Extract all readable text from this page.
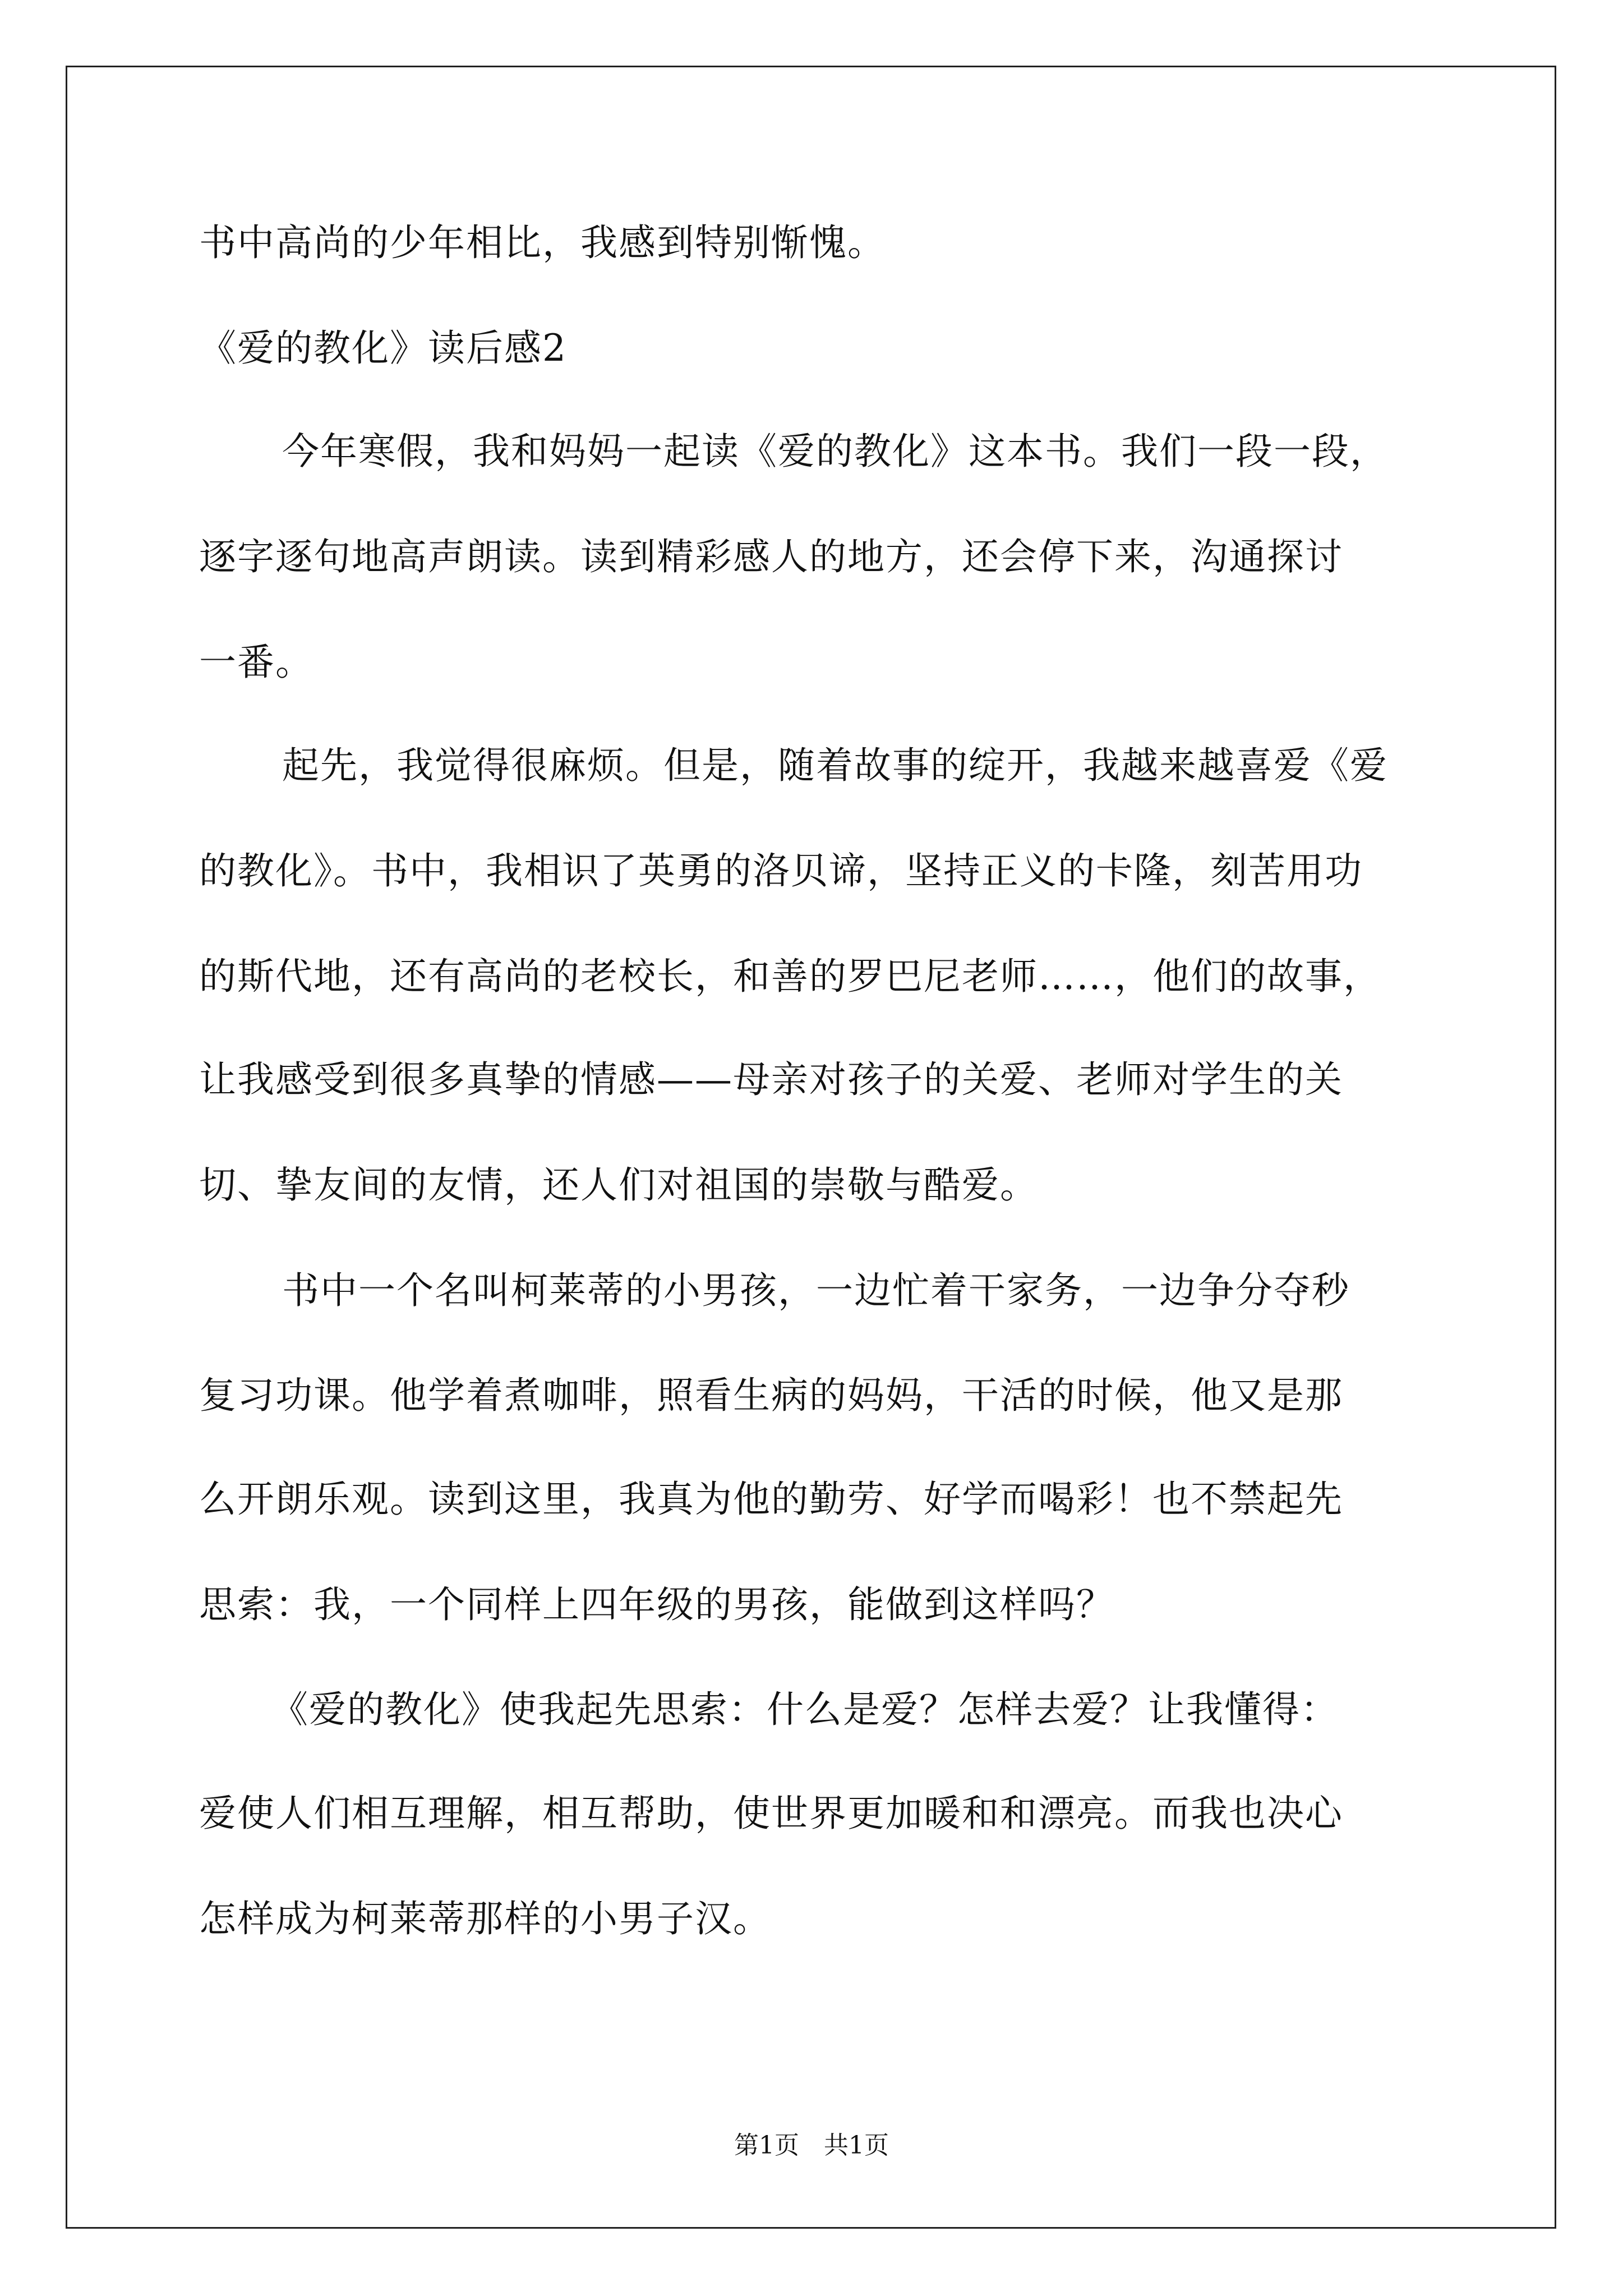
书中高尚的少年相比，我感到特别惭愧。
《爱的教化》读后感2
今年寒假，我和妈妈一起读《爱的教化》这本书。我们一段一段，
逐字逐句地高声朗读。读到精彩感人的地方，还会停下来，沟通探讨
一番。
起先，我觉得很麻烦。但是，随着故事的绽开，我越来越喜爱《爱
的教化》。书中，我相识了英勇的洛贝谛，坚持正义的卡隆，刻苦用功
的斯代地，还有高尚的老校长，和善的罗巴尼老师……，他们的故事，
让我感受到很多真挚的情感——母亲对孩子的关爱、老师对学生的关
切、挚友间的友情，还人们对祖国的崇敬与酷爱。
书中一个名叫柯莱蒂的小男孩，一边忙着干家务，一边争分夺秒
复习功课。他学着煮咖啡，照看生病的妈妈，干活的时候，他又是那
么开朗乐观。读到这里，我真为他的勤劳、好学而喝彩！也不禁起先
思索：我，一个同样上四年级的男孩，能做到这样吗？
《爱的教化》使我起先思索：什么是爱？怎样去爱？让我懂得：
爱使人们相互理解，相互帮助，使世界更加暖和和漂亮。而我也决心
怎样成为柯莱蒂那样的小男子汉。
第1页　共1页
